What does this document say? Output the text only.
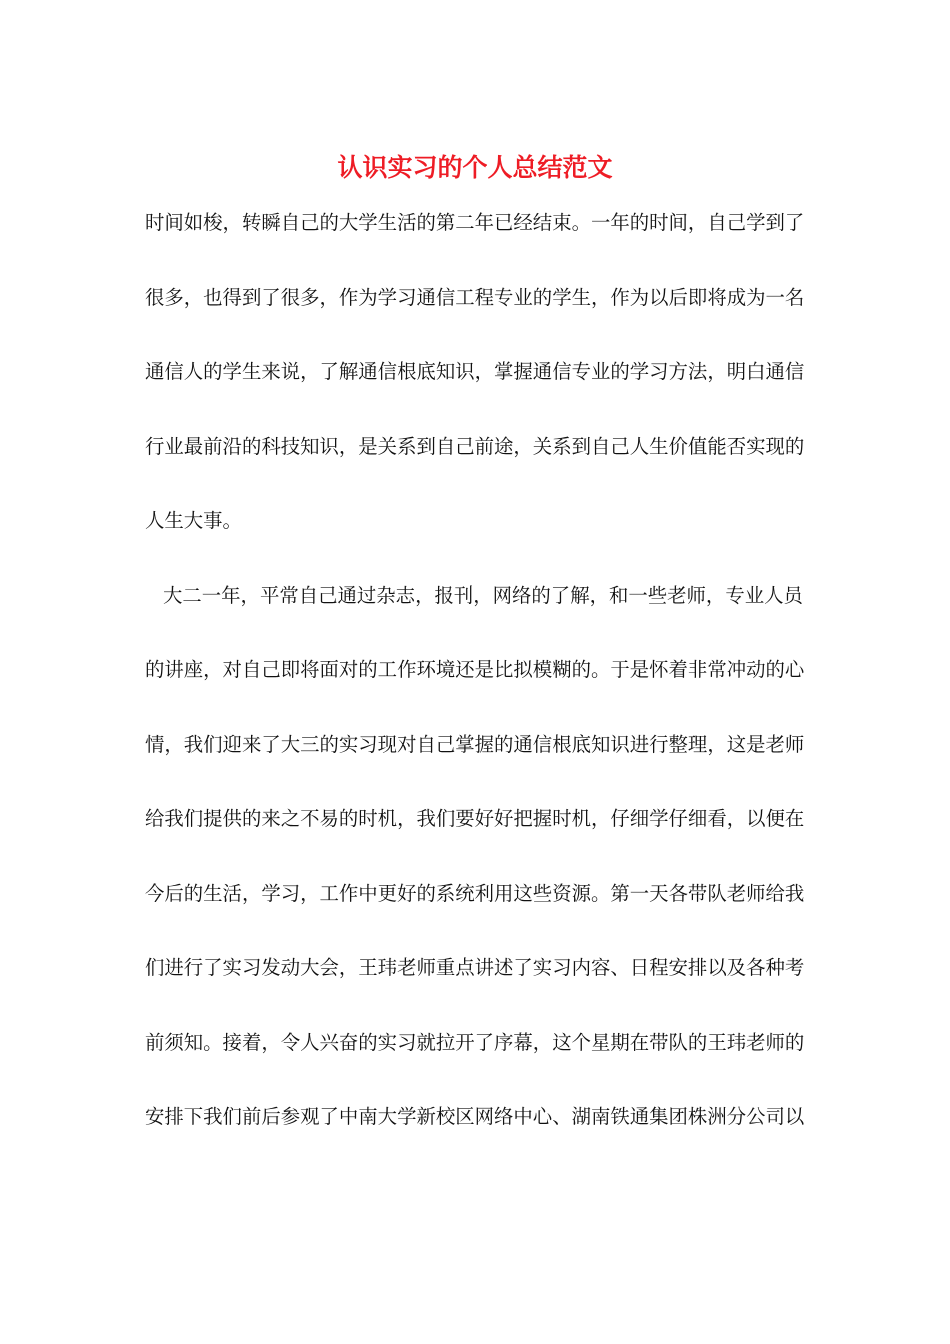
认识实习的个人总结范文
时间如梭，转瞬自己的大学生活的第二年已经结束。一年的时间，自己学到了
很多，也得到了很多，作为学习通信工程专业的学生，作为以后即将成为一名
通信人的学生来说，了解通信根底知识，掌握通信专业的学习方法，明白通信
行业最前沿的科技知识，是关系到自己前途，关系到自己人生价值能否实现的
人生大事。
大二一年，平常自己通过杂志，报刊，网络的了解，和一些老师，专业人员
的讲座，对自己即将面对的工作环境还是比拟模糊的。于是怀着非常冲动的心
情，我们迎来了大三的实习现对自己掌握的通信根底知识进行整理，这是老师
给我们提供的来之不易的时机，我们要好好把握时机，仔细学仔细看，以便在
今后的生活，学习，工作中更好的系统利用这些资源。第一天各带队老师给我
们进行了实习发动大会，王玮老师重点讲述了实习内容、日程安排以及各种考
前须知。接着，令人兴奋的实习就拉开了序幕，这个星期在带队的王玮老师的
安排下我们前后参观了中南大学新校区网络中心、湖南铁通集团株洲分公司以
